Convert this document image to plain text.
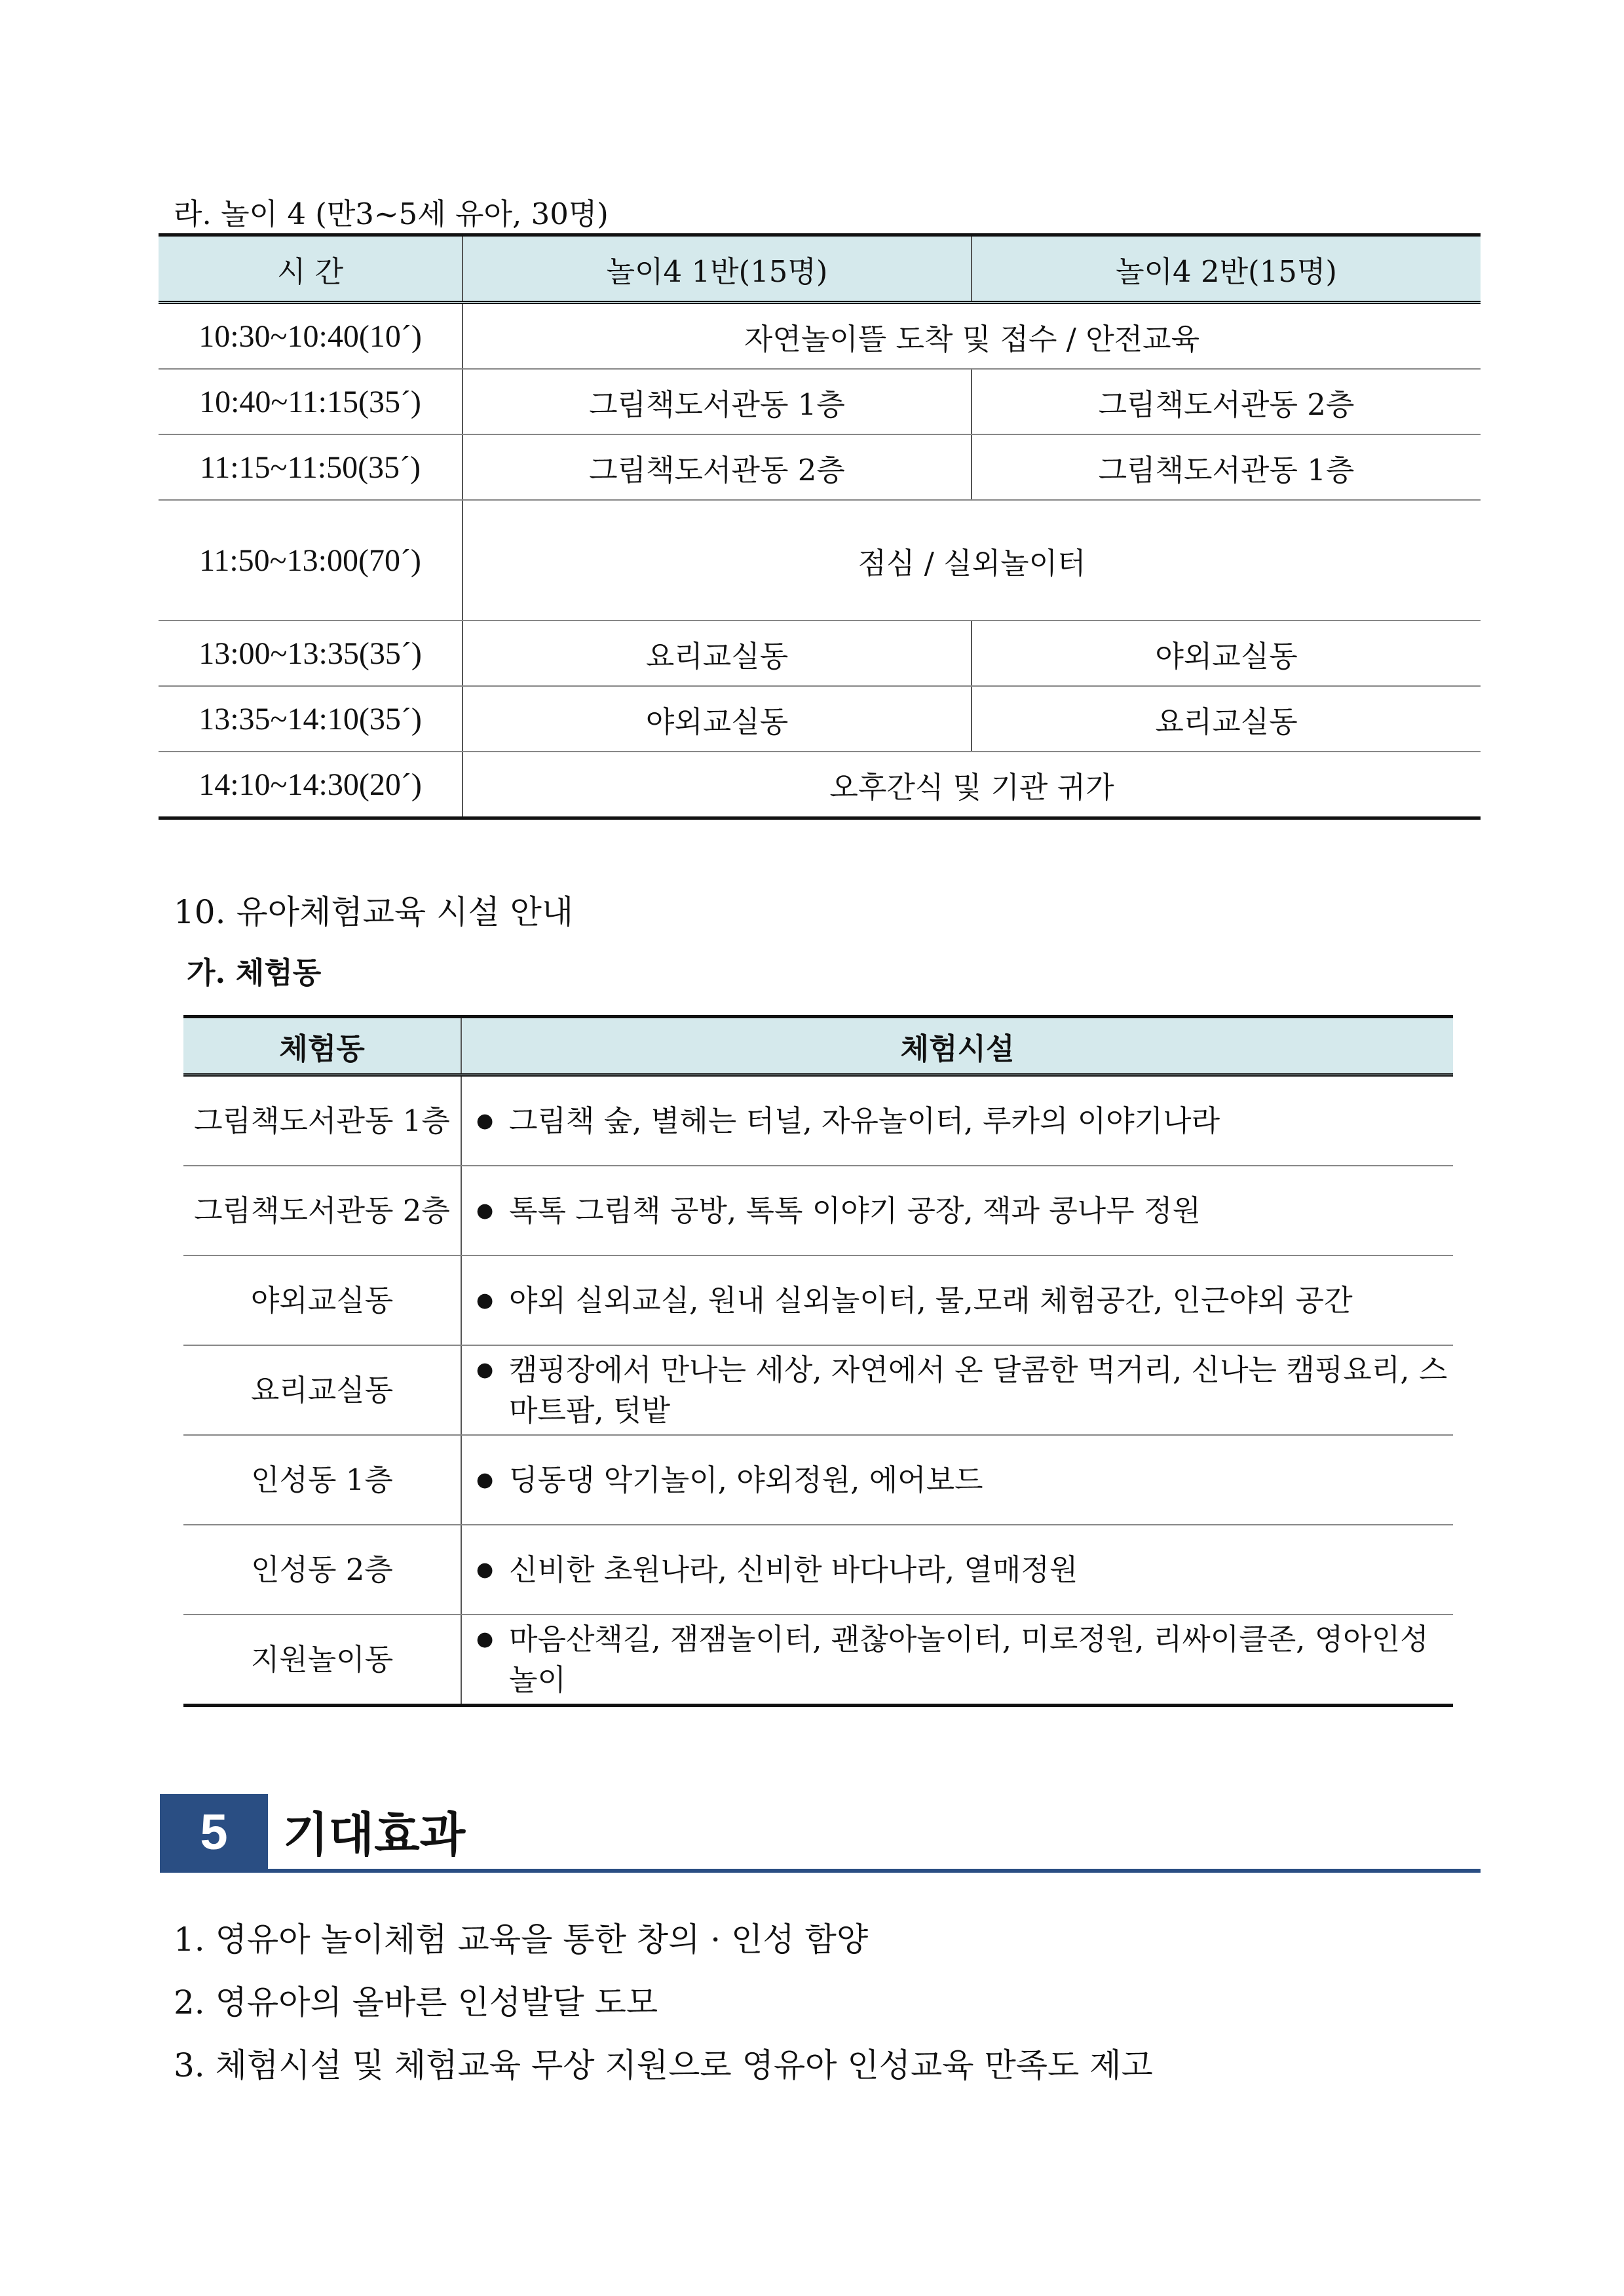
라. 놀이 4 (만3~5세 유아, 30명)
시 간	놀이4 1반(15명)	놀이4 2반(15명)
10:30~10:40(10´)	자연놀이뜰 도착 및 접수 / 안전교육	
10:40~11:15(35´)	그림책도서관동 1층	그림책도서관동 2층
11:15~11:50(35´)	그림책도서관동 2층	그림책도서관동 1층
11:50~13:00(70´)	점심 / 실외놀이터	
13:00~13:35(35´)	요리교실동	야외교실동
13:35~14:10(35´)	야외교실동	요리교실동
14:10~14:30(20´)	오후간식 및 기관 귀가	
10. 유아체험교육 시설 안내
가. 체험동
체험동	체험시설
그림책도서관동 1층	● 그림책 숲, 별헤는 터널, 자유놀이터, 루카의 이야기나라

그림책도서관동 2층	● 톡톡 그림책 공방, 톡톡 이야기 공장, 잭과 콩나무 정원

야외교실동	● 야외 실외교실, 원내 실외놀이터, 물,모래 체험공간, 인근야외 공간

요리교실동	● 캠핑장에서 만나는 세상, 자연에서 온 달콤한 먹거리, 신나는 캠핑요리, 스마트팜, 텃밭

인성동 1층	● 딩동댕 악기놀이, 야외정원, 에어보드

인성동 2층	● 신비한 초원나라, 신비한 바다나라, 열매정원

지원놀이동	● 마음산책길, 잼잼놀이터, 괜찮아놀이터, 미로정원, 리싸이클존, 영아인성놀이
5	기대효과
1. 영유아 놀이체험 교육을 통한 창의 · 인성 함양
2. 영유아의 올바른 인성발달 도모
3. 체험시설 및 체험교육 무상 지원으로 영유아 인성교육 만족도 제고
